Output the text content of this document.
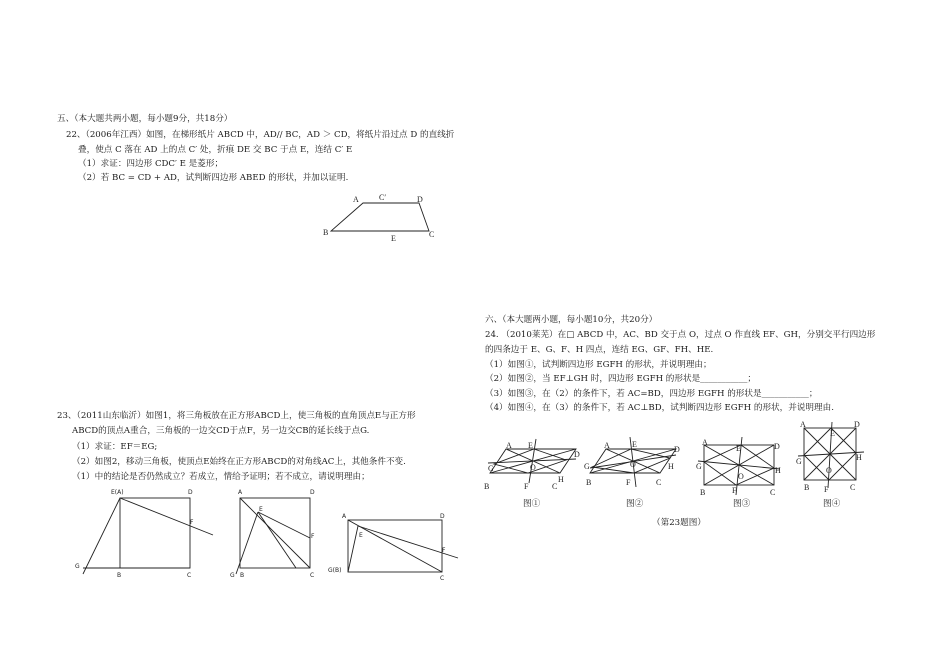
五、（本大题共两小题，每小题9分，共18分）
22、（2006年江西）如图，在梯形纸片 ABCD 中，AD// BC，AD ＞ CD，将纸片沿过点 D 的直线折
叠，使点 C 落在 AD 上的点 C′ 处，折痕 DE 交 BC 于点 E，连结 C′ E
（1）求证：四边形 CDC′ E 是菱形；
（2）若 BC = CD + AD，试判断四边形 ABED 的形状，并加以证明.
A	C′	D
B
E	C
23、（2011山东临沂）如图1，将三角板放在正方形ABCD上，使三角板的直角顶点E与正方形
ABCD的顶点A重合，三角板的一边交CD于点F，另一边交CB的延长线于点G.
（1）求证：EF＝EG;
（2）如图2，移动三角板，使顶点E始终在正方形ABCD的对角线AC上，其他条件不变.
（1）中的结论是否仍然成立？若成立，情给予证明；若不成立，请说明理由；
E(A)	D
F
G
B	C
A
E
D
F
G B	C
A
E
D
F
G(B)
C
六、（本大题两小题，每小题10分，共20分）
24. （2010莱芜）在□ ABCD 中，AC、BD 交于点 O，过点 O 作直线 EF、GH，分别交平行四边形
的四条边于 E、G、F、H 四点，连结 EG、GF、FH、HE.
（1）如图①，试判断四边形 EGFH 的形状，并说明理由；
（2）如图②，当 EF⊥GH 时，四边形 EGFH 的形状是___________；
（3）如图③，在（2）的条件下，若 AC=BD，四边形 EGFH 的形状是___________；
（4）如图④，在（3）的条件下，若 AC⊥BD，试判断四边形 EGFH 的形状，并说明理由.
A E
D
G	O
H
B	F	C
图①
A	E
D
G	O	H
B	F	C
图②
A
E	D
G
O
H
B	F	C
图③
A
E
D
G
O
H
B F	C
图④
（第23题图）
